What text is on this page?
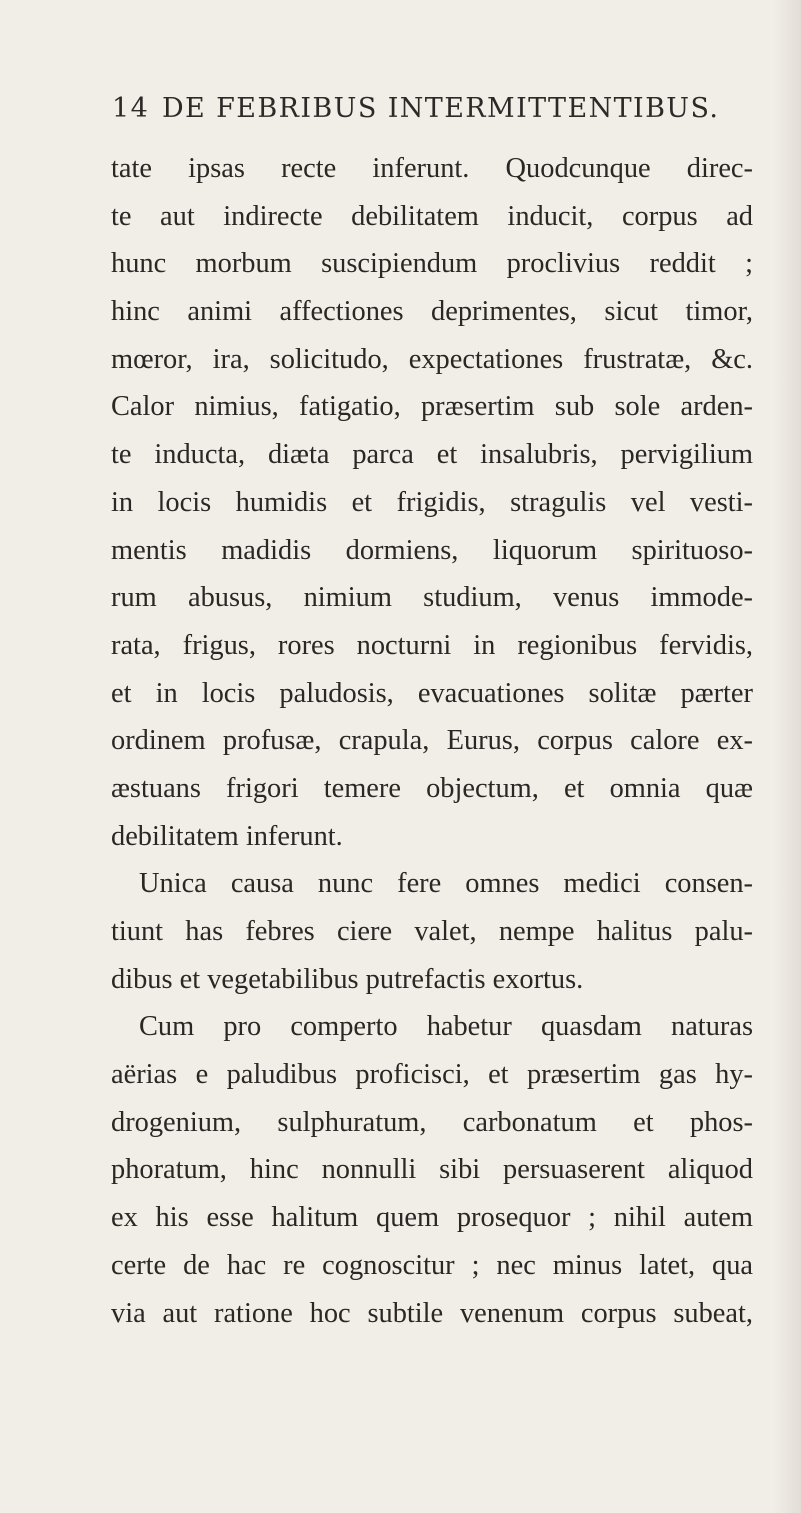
14 DE FEBRIBUS INTERMITTENTIBUS.
tate ipsas recte inferunt. Quodcunque direc-
te aut indirecte debilitatem inducit, corpus ad
hunc morbum suscipiendum proclivius reddit ;
hinc animi affectiones deprimentes, sicut timor,
mœror, ira, solicitudo, expectationes frustratæ, &c.
Calor nimius, fatigatio, præsertim sub sole arden-
te inducta, diæta parca et insalubris, pervigilium
in locis humidis et frigidis, stragulis vel vesti-
mentis madidis dormiens, liquorum spirituoso-
rum abusus, nimium studium, venus immode-
rata, frigus, rores nocturni in regionibus fervidis,
et in locis paludosis, evacuationes solitæ pærter
ordinem profusæ, crapula, Eurus, corpus calore ex-
æstuans frigori temere objectum, et omnia quæ
debilitatem inferunt.
Unica causa nunc fere omnes medici consen-
tiunt has febres ciere valet, nempe halitus palu-
dibus et vegetabilibus putrefactis exortus.
Cum pro comperto habetur quasdam naturas
aërias e paludibus proficisci, et præsertim gas hy-
drogenium, sulphuratum, carbonatum et phos-
phoratum, hinc nonnulli sibi persuaserent aliquod
ex his esse halitum quem prosequor ; nihil autem
certe de hac re cognoscitur ; nec minus latet, qua
via aut ratione hoc subtile venenum corpus subeat,
